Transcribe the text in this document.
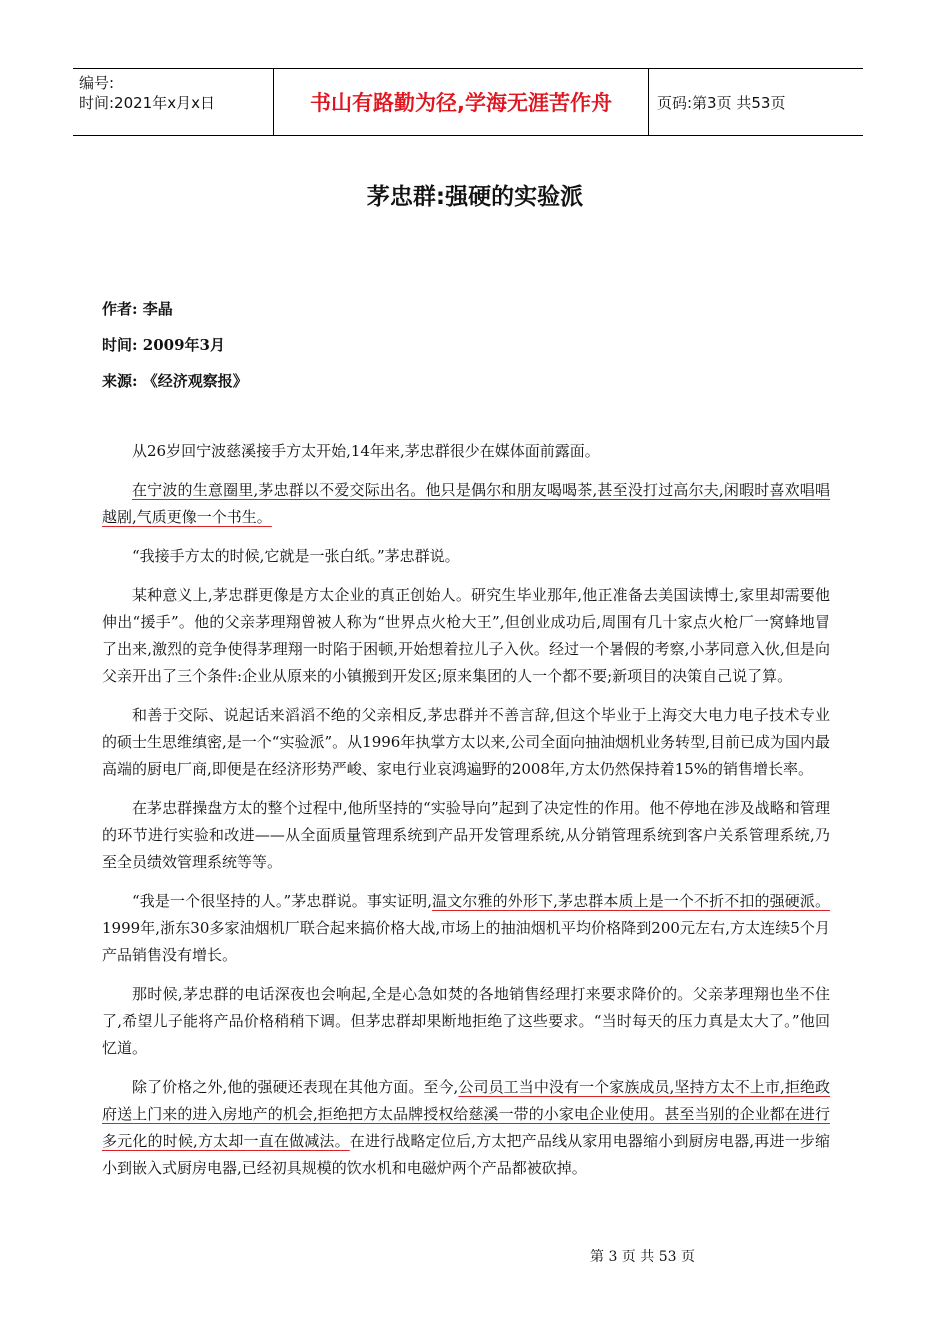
编号:
时间:2021年x月x日	书山有路勤为径,学海无涯苦作舟	页码:第3页 共53页
茅忠群:强硬的实验派
作者: 李晶
时间: 2009年3月
来源: 《经济观察报》

从26岁回宁波慈溪接手方太开始,14年来,茅忠群很少在媒体面前露面。

在宁波的生意圈里,茅忠群以不爱交际出名。他只是偶尔和朋友喝喝茶,甚至没打过高尔夫,闲暇时喜欢唱唱越剧,气质更像一个书生。

“我接手方太的时候,它就是一张白纸。”茅忠群说。

某种意义上,茅忠群更像是方太企业的真正创始人。研究生毕业那年,他正准备去美国读博士,家里却需要他伸出“援手”。他的父亲茅理翔曾被人称为“世界点火枪大王”,但创业成功后,周围有几十家点火枪厂一窝蜂地冒了出来,激烈的竞争使得茅理翔一时陷于困顿,开始想着拉儿子入伙。经过一个暑假的考察,小茅同意入伙,但是向父亲开出了三个条件:企业从原来的小镇搬到开发区;原来集团的人一个都不要;新项目的决策自己说了算。

和善于交际、说起话来滔滔不绝的父亲相反,茅忠群并不善言辞,但这个毕业于上海交大电力电子技术专业的硕士生思维缜密,是一个“实验派”。从1996年执掌方太以来,公司全面向抽油烟机业务转型,目前已成为国内最高端的厨电厂商,即便是在经济形势严峻、家电行业哀鸿遍野的2008年,方太仍然保持着15%的销售增长率。

在茅忠群操盘方太的整个过程中,他所坚持的“实验导向”起到了决定性的作用。他不停地在涉及战略和管理的环节进行实验和改进——从全面质量管理系统到产品开发管理系统,从分销管理系统到客户关系管理系统,乃至全员绩效管理系统等等。

“我是一个很坚持的人。”茅忠群说。事实证明,温文尔雅的外形下,茅忠群本质上是一个不折不扣的强硬派。1999年,浙东30多家油烟机厂联合起来搞价格大战,市场上的抽油烟机平均价格降到200元左右,方太连续5个月产品销售没有增长。

那时候,茅忠群的电话深夜也会响起,全是心急如焚的各地销售经理打来要求降价的。父亲茅理翔也坐不住了,希望儿子能将产品价格稍稍下调。但茅忠群却果断地拒绝了这些要求。“当时每天的压力真是太大了。”他回忆道。

除了价格之外,他的强硬还表现在其他方面。至今,公司员工当中没有一个家族成员,坚持方太不上市,拒绝政府送上门来的进入房地产的机会,拒绝把方太品牌授权给慈溪一带的小家电企业使用。甚至当别的企业都在进行多元化的时候,方太却一直在做减法。在进行战略定位后,方太把产品线从家用电器缩小到厨房电器,再进一步缩小到嵌入式厨房电器,已经初具规模的饮水机和电磁炉两个产品都被砍掉。

第 3 页 共 53 页
